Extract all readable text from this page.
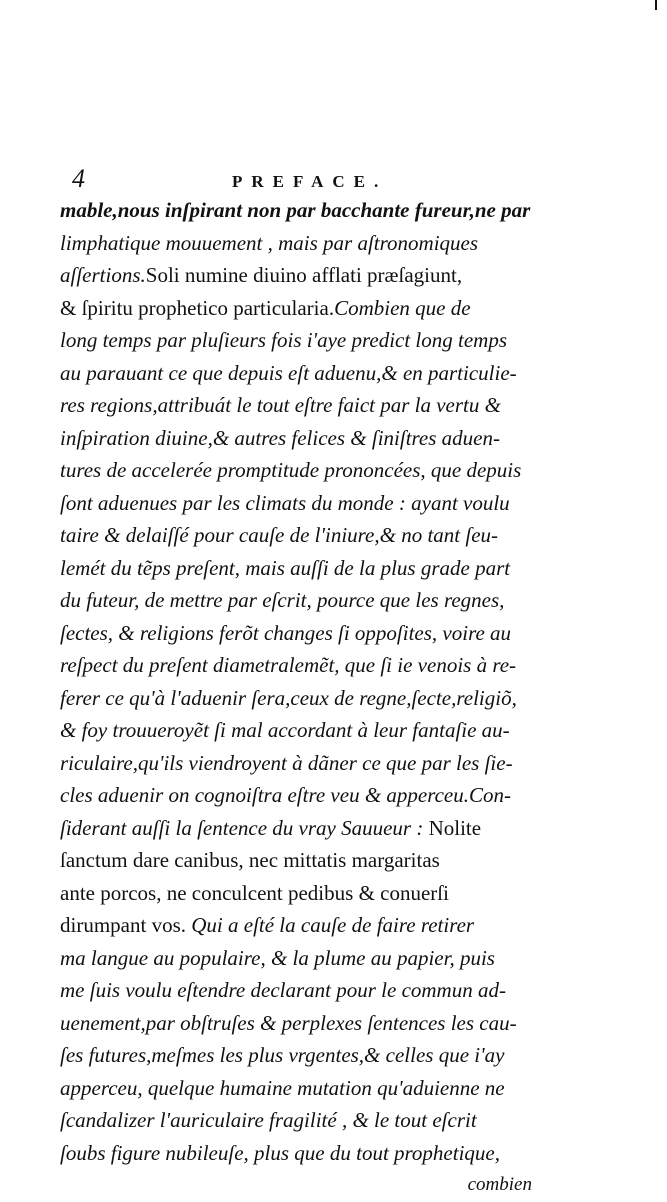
4	PREFACE.
mable,nous inſpirant non par bacchante fureur,ne par
limphatique mouuement , mais par aſtronomiques
aſſertions.Soli numine diuino afflati præſagiunt,
& ſpiritu prophetico particularia.Combien que de
long temps par pluſieurs fois i'aye predict long temps
au parauant ce que depuis eſt aduenu,& en particulie-
res regions,attribuát le tout eſtre faict par la vertu &
inſpiration diuine,& autres felices & ſiniſtres aduen-
tures de accelerée promptitude prononcées, que depuis
ſont aduenues par les climats du monde : ayant voulu
taire & delaiſſé pour cauſe de l'iniure,& no tant ſeu-
lemét du tẽps preſent, mais auſſi de la plus grade part
du futeur, de mettre par eſcrit, pource que les regnes,
ſectes, & religions ferõt changes ſi oppoſites, voire au
reſpect du preſent diametralemẽt, que ſi ie venois à re-
ferer ce qu'à l'aduenir ſera,ceux de regne,ſecte,religiõ,
& foy trouueroyẽt ſi mal accordant à leur fantaſie au-
riculaire,qu'ils viendroyent à dãner ce que par les ſie-
cles aduenir on cognoiſtra eſtre veu & apperceu.Con-
ſiderant auſſi la ſentence du vray Sauueur : Nolite
ſanctum dare canibus, nec mittatis margaritas
ante porcos, ne conculcent pedibus & conuerſi
dirumpant vos. Qui a eſté la cauſe de faire retirer
ma langue au populaire, & la plume au papier, puis
me ſuis voulu eſtendre declarant pour le commun ad-
uenement,par obſtruſes & perplexes ſentences les cau-
ſes futures,meſmes les plus vrgentes,& celles que i'ay
apperceu, quelque humaine mutation qu'aduienne ne
ſcandalizer l'auriculaire fragilité , & le tout eſcrit
ſoubs figure nubileuſe, plus que du tout prophetique,
combien
